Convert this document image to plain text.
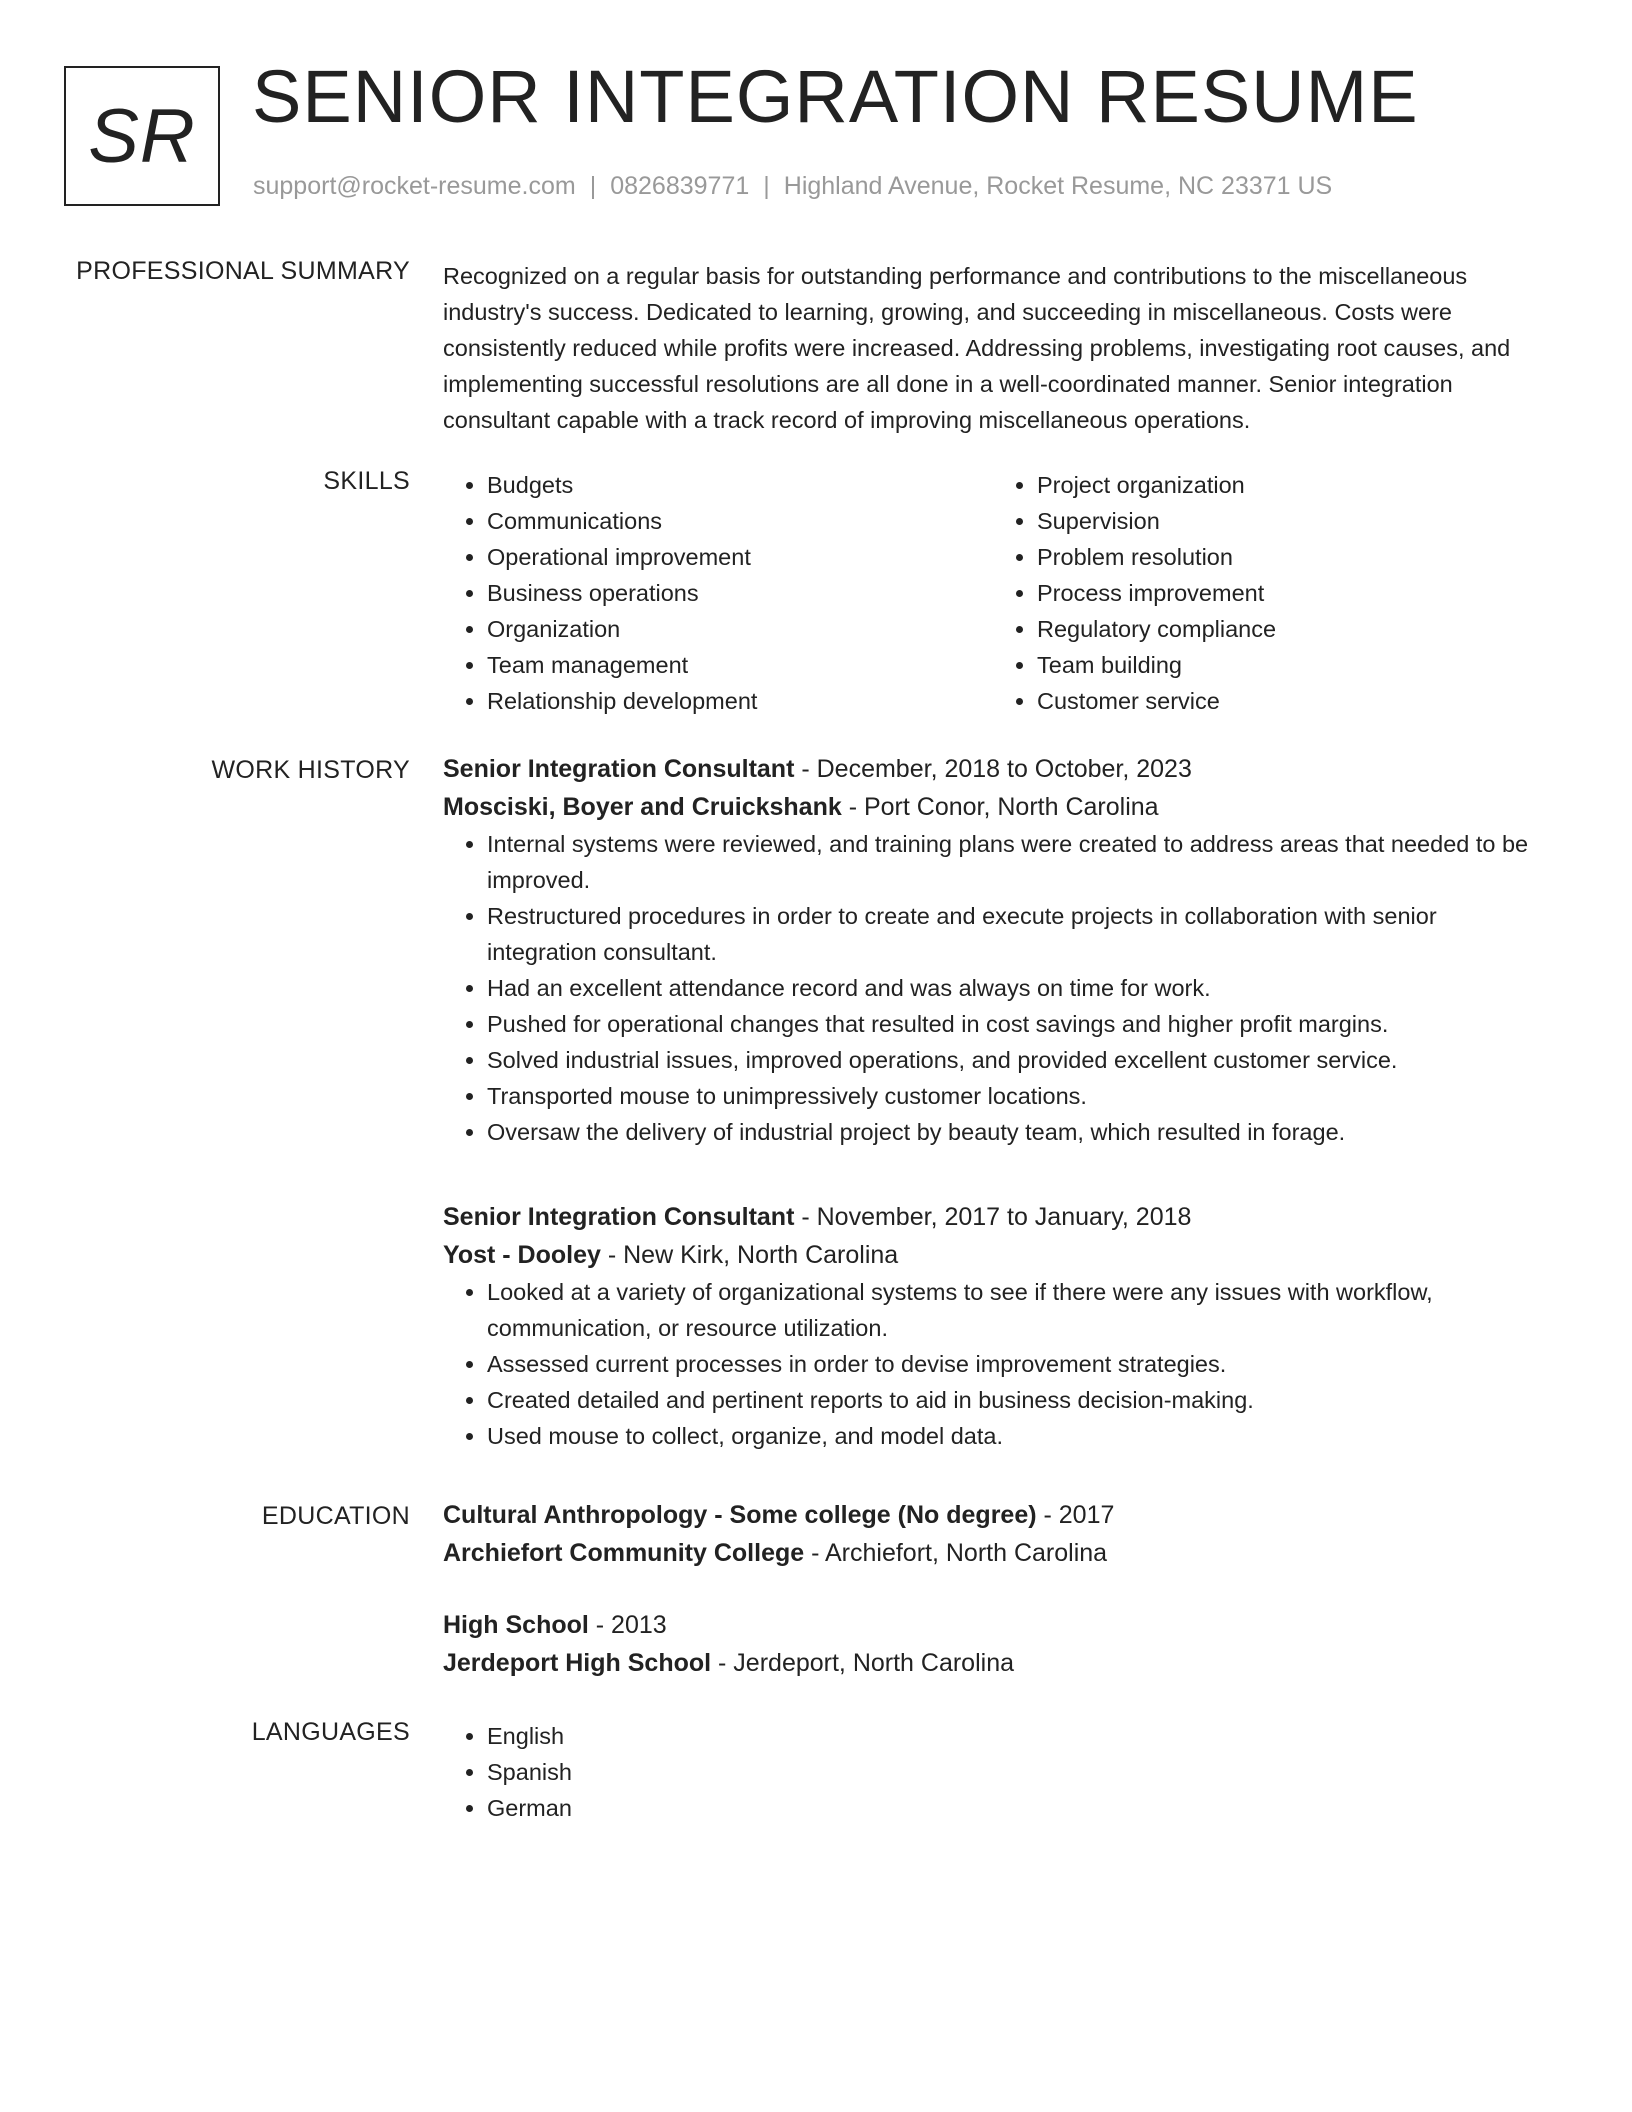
SR SENIOR INTEGRATION RESUME
support@rocket-resume.com | 0826839771 | Highland Avenue, Rocket Resume, NC 23371 US
PROFESSIONAL SUMMARY Recognized on a regular basis for outstanding performance and contributions to the miscellaneous industry's success. Dedicated to learning, growing, and succeeding in miscellaneous. Costs were consistently reduced while profits were increased. Addressing problems, investigating root causes, and implementing successful resolutions are all done in a well-coordinated manner. Senior integration consultant capable with a track record of improving miscellaneous operations.

SKILLS	• Budgets
• Communications
• Operational improvement
• Business operations
• Organization
• Team management
• Relationship development
• Project organization
• Supervision
• Problem resolution
• Process improvement
• Regulatory compliance
• Team building
• Customer service
WORK HISTORY Senior Integration Consultant - December, 2018 to October, 2023
Mosciski, Boyer and Cruickshank - Port Conor, North Carolina
• Internal systems were reviewed, and training plans were created to address areas that needed to be improved.
• Restructured procedures in order to create and execute projects in collaboration with senior integration consultant.
• Had an excellent attendance record and was always on time for work.
• Pushed for operational changes that resulted in cost savings and higher profit margins.
• Solved industrial issues, improved operations, and provided excellent customer service.
• Transported mouse to unimpressively customer locations.
• Oversaw the delivery of industrial project by beauty team, which resulted in forage.
Senior Integration Consultant - November, 2017 to January, 2018
Yost - Dooley - New Kirk, North Carolina
• Looked at a variety of organizational systems to see if there were any issues with workflow, communication, or resource utilization.
• Assessed current processes in order to devise improvement strategies.
• Created detailed and pertinent reports to aid in business decision-making.
• Used mouse to collect, organize, and model data.
EDUCATION Cultural Anthropology - Some college (No degree) - 2017
Archiefort Community College - Archiefort, North Carolina
High School - 2013
Jerdeport High School - Jerdeport, North Carolina
LANGUAGES	• English
• Spanish
• German
